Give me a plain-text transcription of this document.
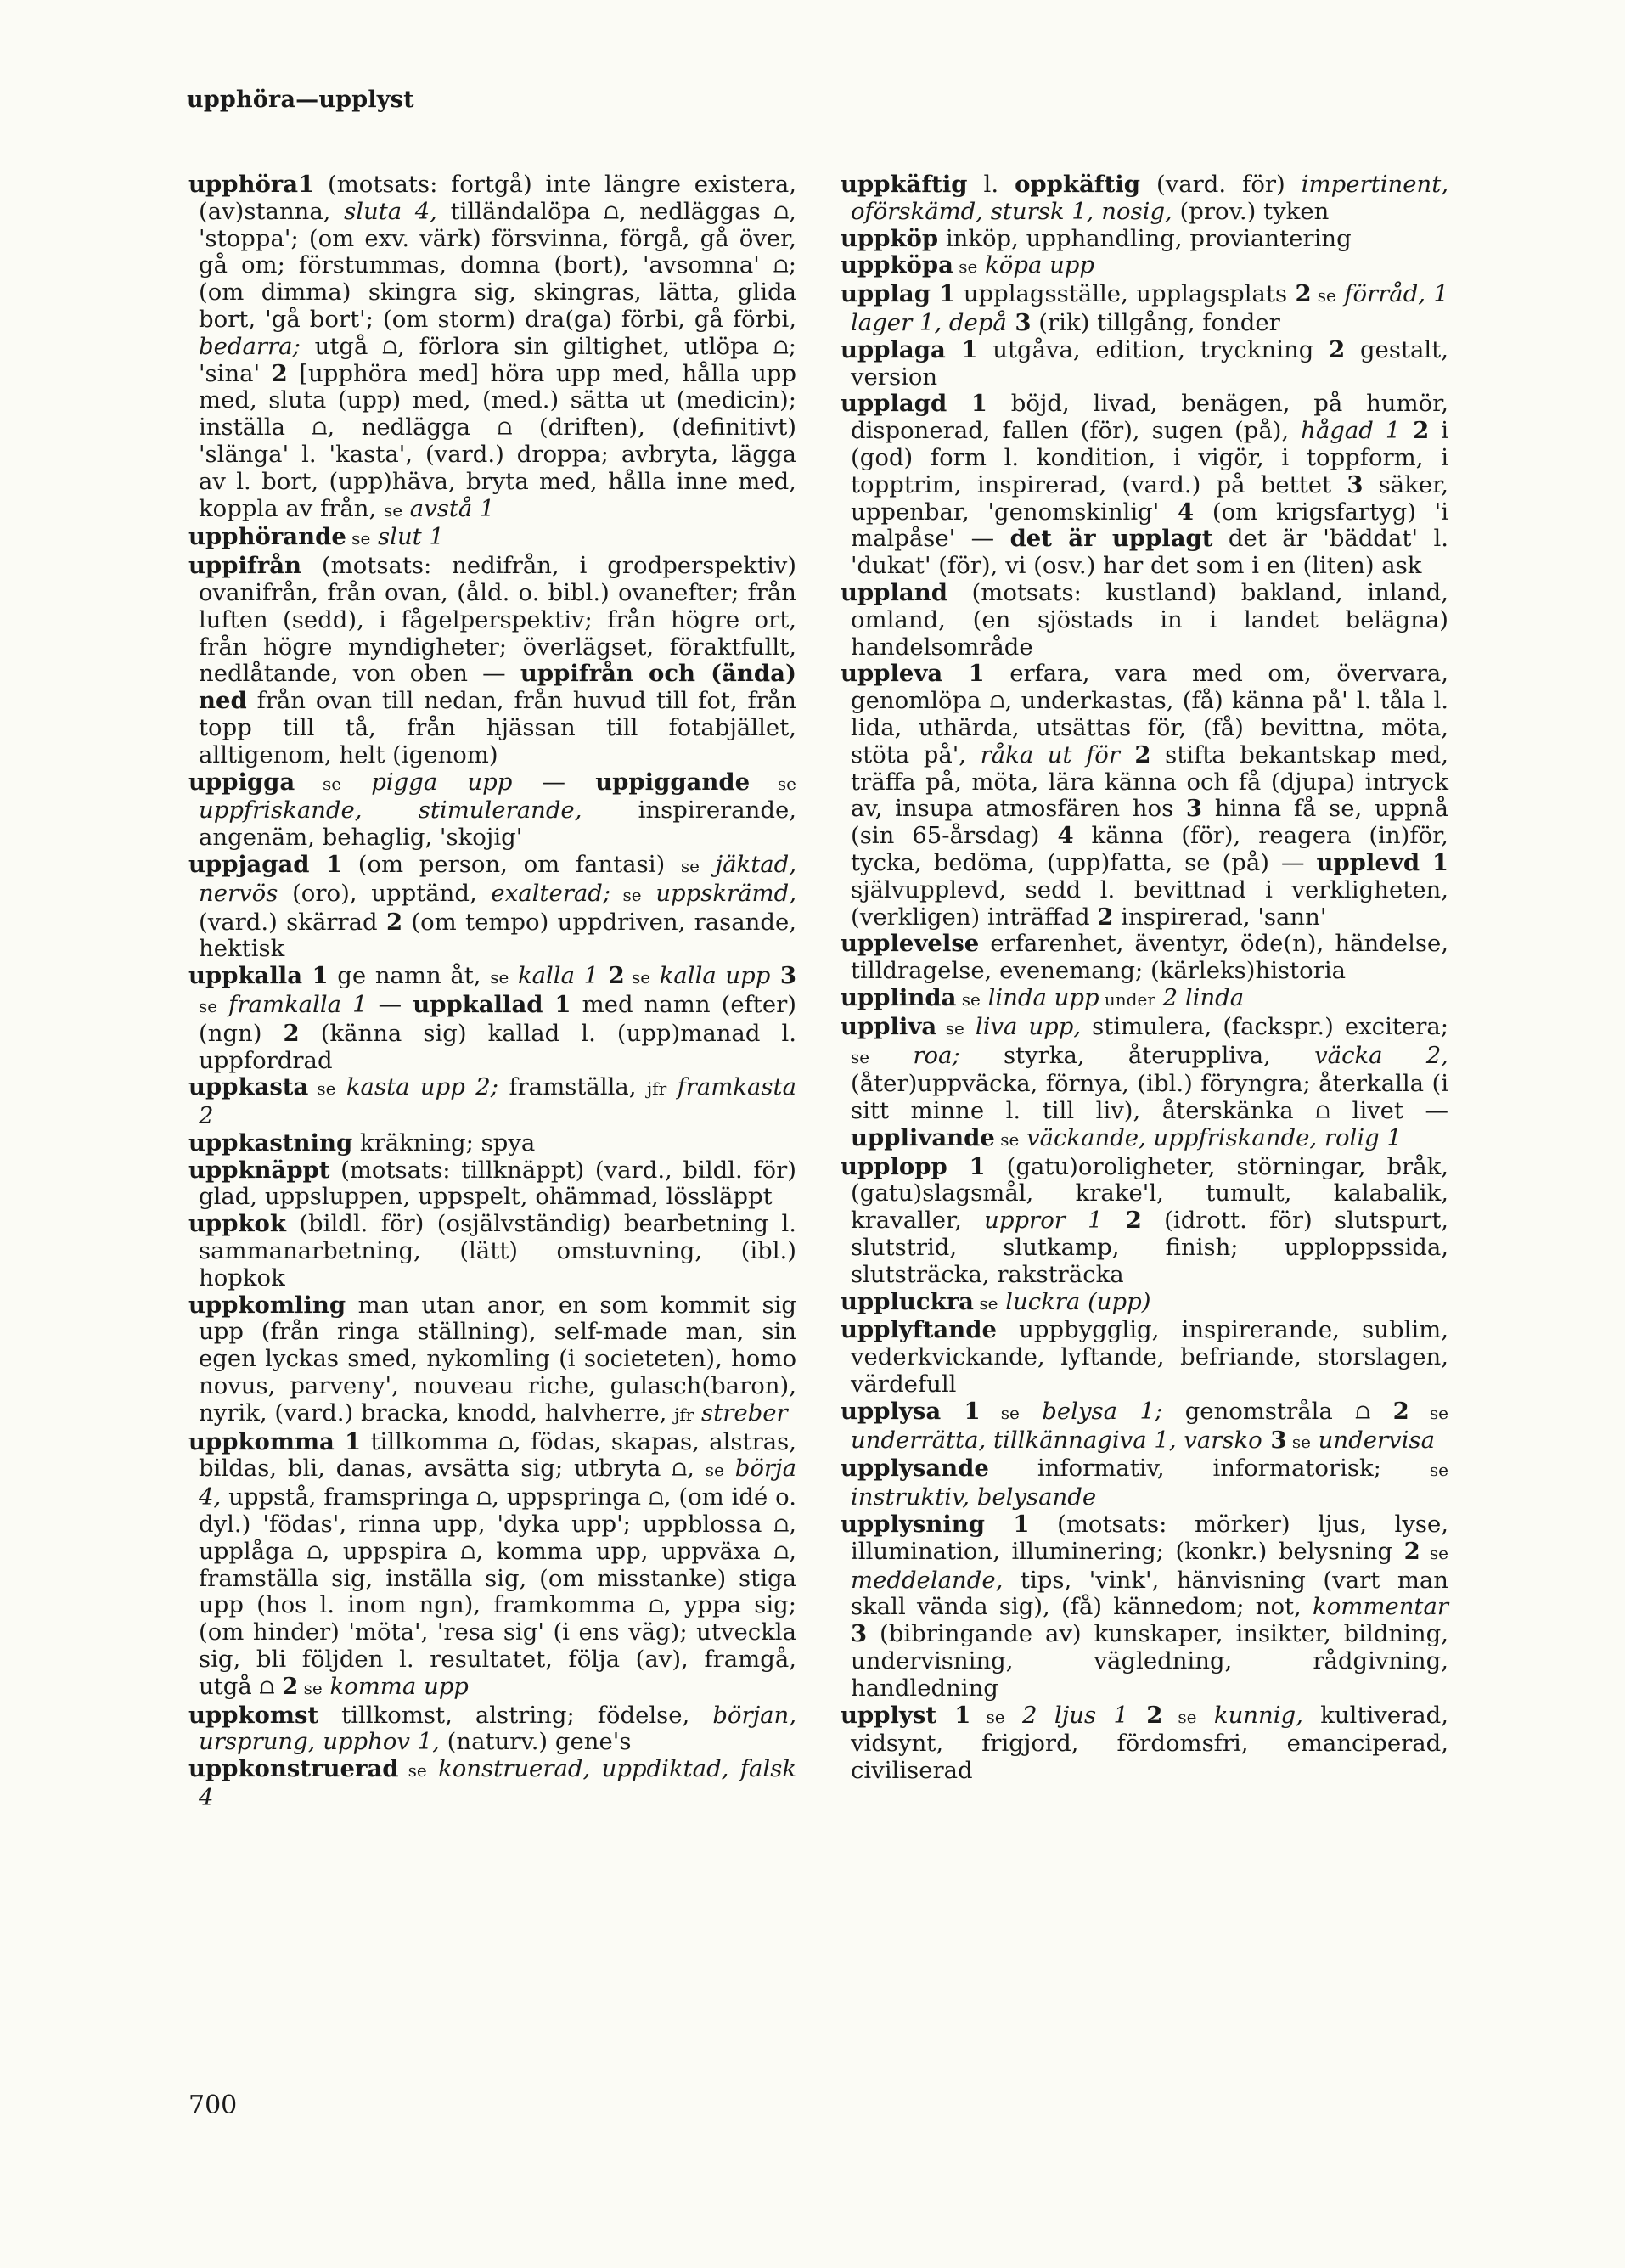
upphöra—upplyst

upphöra1 (motsats: fortgå) inte längre existera, (av)stanna, sluta 4, tilländalöpa ⩍, nedläggas ⩍, 'stoppa'; (om exv. värk) försvinna, förgå, gå över, gå om; förstummas, domna (bort), 'avsomna' ⩍; (om dimma) skingra sig, skingras, lätta, glida bort, 'gå bort'; (om storm) dra(ga) förbi, gå förbi, bedarra; utgå ⩍, förlora sin giltighet, utlöpa ⩍; 'sina' 2 [upphöra med] höra upp med, hålla upp med, sluta (upp) med, (med.) sätta ut (medicin); inställa ⩍, nedlägga ⩍ (driften), (definitivt) 'slänga' l. 'kasta', (vard.) droppa; avbryta, lägga av l. bort, (upp)häva, bryta med, hålla inne med, koppla av från, se avstå 1

upphörande se slut 1

uppifrån (motsats: nedifrån, i grodperspektiv) ovanifrån, från ovan, (åld. o. bibl.) ovanefter; från luften (sedd), i fågelperspektiv; från högre ort, från högre myndigheter; överlägset, föraktfullt, nedlåtande, von oben — uppifrån och (ända) ned från ovan till nedan, från huvud till fot, från topp till tå, från hjässan till fotabjället, alltigenom, helt (igenom)

uppigga se pigga upp — uppiggande se uppfriskande, stimulerande, inspirerande, angenäm, behaglig, 'skojig'

uppjagad 1 (om person, om fantasi) se jäktad, nervös (oro), upptänd, exalterad; se uppskrämd, (vard.) skärrad 2 (om tempo) uppdriven, rasande, hektisk

uppkalla 1 ge namn åt, se kalla 1 2 se kalla upp 3 se framkalla 1 — uppkallad 1 med namn (efter) (ngn) 2 (känna sig) kallad l. (upp)manad l. uppfordrad

uppkasta se kasta upp 2; framställa, jfr framkasta 2

uppkastning kräkning; spya

uppknäppt (motsats: tillknäppt) (vard., bildl. för) glad, uppsluppen, uppspelt, ohämmad, lössläppt

uppkok (bildl. för) (osjälvständig) bearbetning l. sammanarbetning, (lätt) omstuvning, (ibl.) hopkok

uppkomling man utan anor, en som kommit sig upp (från ringa ställning), self-made man, sin egen lyckas smed, nykomling (i societeten), homo novus, parveny', nouveau riche, gulasch(baron), nyrik, (vard.) bracka, knodd, halvherre, jfr streber

uppkomma 1 tillkomma ⩍, födas, skapas, alstras, bildas, bli, danas, avsätta sig; utbryta ⩍, se börja 4, uppstå, framspringa ⩍, uppspringa ⩍, (om idé o. dyl.) 'födas', rinna upp, 'dyka upp'; uppblossa ⩍, upplåga ⩍, uppspira ⩍, komma upp, uppväxa ⩍, framställa sig, inställa sig, (om misstanke) stiga upp (hos l. inom ngn), framkomma ⩍, yppa sig; (om hinder) 'möta', 'resa sig' (i ens väg); utveckla sig, bli följden l. resultatet, följa (av), framgå, utgå ⩍ 2 se komma upp

uppkomst tillkomst, alstring; födelse, början, ursprung, upphov 1, (naturv.) gene's

uppkonstruerad se konstruerad, uppdiktad, falsk 4

uppkäftig l. oppkäftig (vard. för) impertinent, oförskämd, stursk 1, nosig, (prov.) tyken

uppköp inköp, upphandling, proviantering

uppköpa se köpa upp

upplag 1 upplagsställe, upplagsplats 2 se förråd, 1 lager 1, depå 3 (rik) tillgång, fonder

upplaga 1 utgåva, edition, tryckning 2 gestalt, version

upplagd 1 böjd, livad, benägen, på humör, disponerad, fallen (för), sugen (på), hågad 1 2 i (god) form l. kondition, i vigör, i toppform, i topptrim, inspirerad, (vard.) på bettet 3 säker, uppenbar, 'genomskinlig' 4 (om krigsfartyg) 'i malpåse' — det är upplagt det är 'bäddat' l. 'dukat' (för), vi (osv.) har det som i en (liten) ask

uppland (motsats: kustland) bakland, inland, omland, (en sjöstads in i landet belägna) handelsområde

uppleva 1 erfara, vara med om, övervara, genomlöpa ⩍, underkastas, (få) känna på' l. tåla l. lida, uthärda, utsättas för, (få) bevittna, möta, stöta på', råka ut för 2 stifta bekantskap med, träffa på, möta, lära känna och få (djupa) intryck av, insupa atmosfären hos 3 hinna få se, uppnå (sin 65-årsdag) 4 känna (för), reagera (in)för, tycka, bedöma, (upp)fatta, se (på) — upplevd 1 självupplevd, sedd l. bevittnad i verkligheten, (verkligen) inträffad 2 inspirerad, 'sann'

upplevelse erfarenhet, äventyr, öde(n), händelse, tilldragelse, evenemang; (kärleks)historia

upplinda se linda upp under 2 linda

uppliva se liva upp, stimulera, (fackspr.) excitera; se roa; styrka, återuppliva, väcka 2, (åter)uppväcka, förnya, (ibl.) föryngra; återkalla (i sitt minne l. till liv), återskänka ⩍ livet — upplivande se väckande, uppfriskande, rolig 1

upplopp 1 (gatu)oroligheter, störningar, bråk, (gatu)slagsmål, krake'l, tumult, kalabalik, kravaller, uppror 1 2 (idrott. för) slutspurt, slutstrid, slutkamp, finish; upploppssida, slutsträcka, raksträcka

uppluckra se luckra (upp)

upplyftande uppbygglig, inspirerande, sublim, vederkvickande, lyftande, befriande, storslagen, värdefull

upplysa 1 se belysa 1; genomstråla ⩍ 2 se underrätta, tillkännagiva 1, varsko 3 se undervisa

upplysande informativ, informatorisk; se instruktiv, belysande

upplysning 1 (motsats: mörker) ljus, lyse, illumination, illuminering; (konkr.) belysning 2 se meddelande, tips, 'vink', hänvisning (vart man skall vända sig), (få) kännedom; not, kommentar 3 (bibringande av) kunskaper, insikter, bildning, undervisning, vägledning, rådgivning, handledning

upplyst 1 se 2 ljus 1 2 se kunnig, kultiverad, vidsynt, frigjord, fördomsfri, emanciperad, civiliserad

700
